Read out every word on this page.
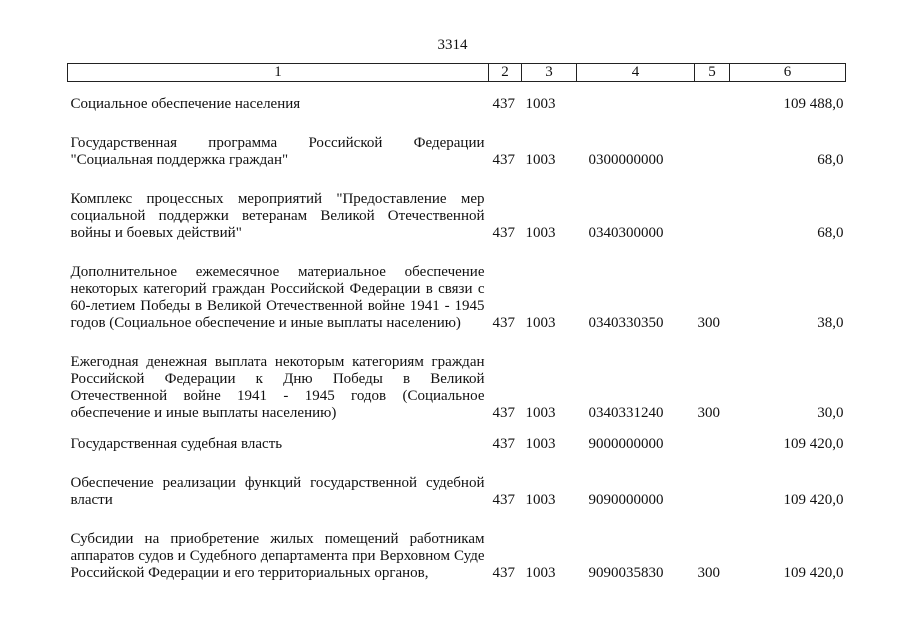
3314
1	2	3	4	5	6

Социальное обеспечение населения	437	1003			109 488,0

Государственная программа Российской Федерации "Социальная поддержка граждан"	437	1003	0300000000		68,0

Комплекс процессных мероприятий "Предоставление мер социальной поддержки ветеранам Великой Отечественной войны и боевых действий"	437	1003	0340300000		68,0

Дополнительное ежемесячное материальное обеспечение некоторых категорий граждан Российской Федерации в связи с 60-летием Победы в Великой Отечественной войне 1941 - 1945 годов (Социальное обеспечение и иные выплаты населению)	437	1003	0340330350	300	38,0

Ежегодная денежная выплата некоторым категориям граждан Российской Федерации к Дню Победы в Великой Отечественной войне 1941 - 1945 годов (Социальное обеспечение и иные выплаты населению)	437	1003	0340331240	300	30,0

Государственная судебная власть	437	1003	9000000000		109 420,0

Обеспечение реализации функций государственной судебной власти	437	1003	9090000000		109 420,0

Субсидии на приобретение жилых помещений работникам аппаратов судов и Судебного департамента при Верховном Суде Российской Федерации и его территориальных органов,	437	1003	9090035830	300	109 420,0
